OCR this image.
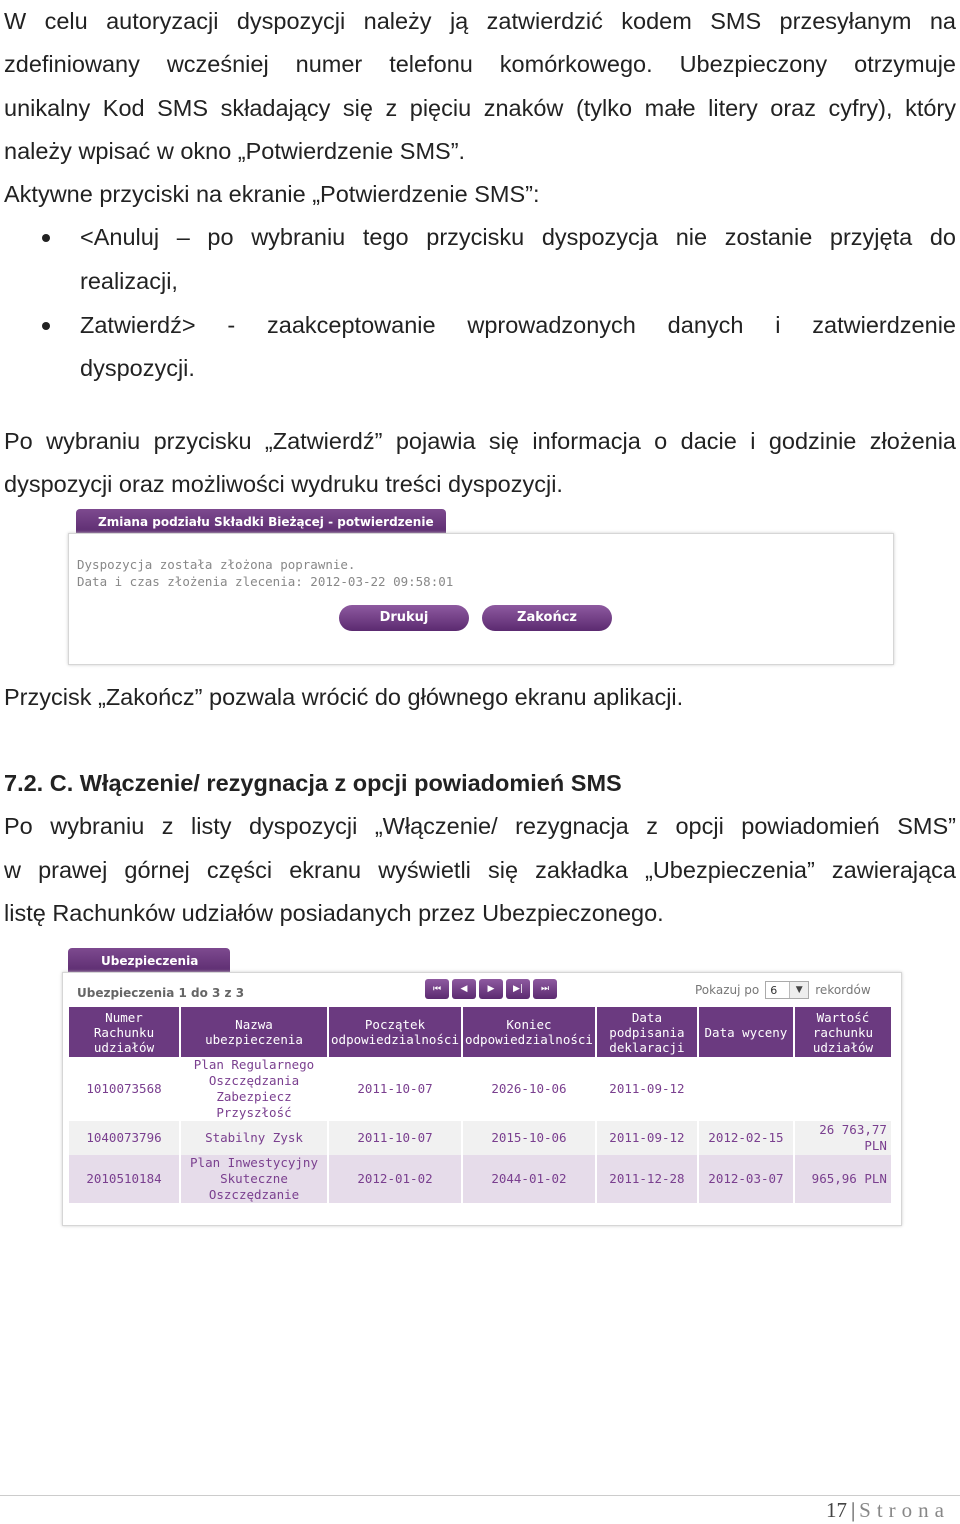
W celu autoryzacji dyspozycji należy ją zatwierdzić kodem SMS przesyłanym na
zdefiniowany wcześniej numer telefonu komórkowego. Ubezpieczony otrzymuje
unikalny Kod SMS składający się z pięciu znaków (tylko małe litery oraz cyfry), który
należy wpisać w okno „Potwierdzenie SMS”.

Aktywne przyciski na ekranie „Potwierdzenie SMS”:

<Anuluj – po wybraniu tego przycisku dyspozycja nie zostanie przyjęta do
realizacji,
Zatwierdź> - zaakceptowanie wprowadzonych danych i zatwierdzenie
dyspozycji.
Po wybraniu przycisku „Zatwierdź” pojawia się informacja o dacie i godzinie złożenia
dyspozycji oraz możliwości wydruku treści dyspozycji.
Zmiana podziału Składki Bieżącej - potwierdzenie
Dyspozycja została złożona poprawnie.
Data i czas złożenia zlecenia: 2012-03-22 09:58:01
Drukuj	Zakończ

Przycisk „Zakończ” pozwala wrócić do głównego ekranu aplikacji.

7.2. C. Włączenie/ rezygnacja z opcji powiadomień SMS
Po wybraniu z listy dyspozycji „Włączenie/ rezygnacja z opcji powiadomień SMS”
w prawej górnej części ekranu wyświetli się zakładka „Ubezpieczenia” zawierająca
listę Rachunków udziałów posiadanych przez Ubezpieczonego.
Ubezpieczenia
Ubezpieczenia 1 do 3 z 3	⏮	◀	▶	▶|	⏭	Pokazuj po	6	▼	rekordów
Numer
Rachunku
udziałów	Nazwa ubezpieczenia	Początek
odpowiedzialności	Koniec
odpowiedzialności	Data
podpisania
deklaracji	Data wyceny	Wartość
rachunku
udziałów
1010073568	Plan Regularnego
Oszczędzania
Zabezpiecz
Przyszłość	2011-10-07	2026-10-06	2011-09-12		
1040073796	Stabilny Zysk	2011-10-07	2015-10-06	2011-09-12	2012-02-15	26 763,77
PLN
2010510184	Plan Inwestycyjny
Skuteczne
Oszczędzanie	2012-01-02	2044-01-02	2011-12-28	2012-03-07	965,96 PLN
17 | Strona
